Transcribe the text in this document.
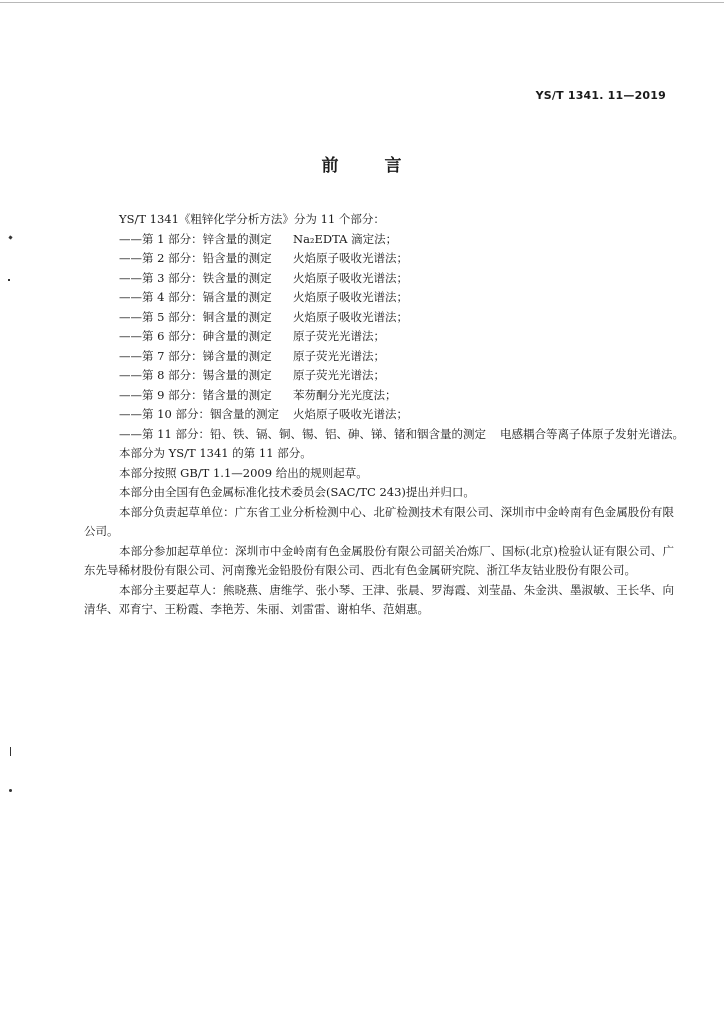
YS/T 1341. 11—2019
前 言
YS/T 1341《粗锌化学分析方法》分为 11 个部分：
——第 1 部分：锌含量的测定	Na₂EDTA 滴定法；
——第 2 部分：铅含量的测定	火焰原子吸收光谱法；
——第 3 部分：铁含量的测定	火焰原子吸收光谱法；
——第 4 部分：镉含量的测定	火焰原子吸收光谱法；
——第 5 部分：铜含量的测定	火焰原子吸收光谱法；
——第 6 部分：砷含量的测定	原子荧光光谱法；
——第 7 部分：锑含量的测定	原子荧光光谱法；
——第 8 部分：锡含量的测定	原子荧光光谱法；
——第 9 部分：锗含量的测定	苯芴酮分光光度法；
——第 10 部分：铟含量的测定	火焰原子吸收光谱法；
——第 11 部分：铅、铁、镉、铜、锡、铝、砷、锑、锗和铟含量的测定 电感耦合等离子体原子发射光谱法。
本部分为 YS/T 1341 的第 11 部分。
本部分按照 GB/T 1.1—2009 给出的规则起草。
本部分由全国有色金属标准化技术委员会(SAC/TC 243)提出并归口。
本部分负责起草单位：广东省工业分析检测中心、北矿检测技术有限公司、深圳市中金岭南有色金属股份有限公司。
本部分参加起草单位：深圳市中金岭南有色金属股份有限公司韶关冶炼厂、国标(北京)检验认证有限公司、广东先导稀材股份有限公司、河南豫光金铅股份有限公司、西北有色金属研究院、浙江华友钴业股份有限公司。
本部分主要起草人：熊晓燕、唐维学、张小琴、王津、张晨、罗海霞、刘莹晶、朱金洪、墨淑敏、王长华、向清华、邓育宁、王粉霞、李艳芳、朱丽、刘雷雷、谢柏华、范娟惠。
